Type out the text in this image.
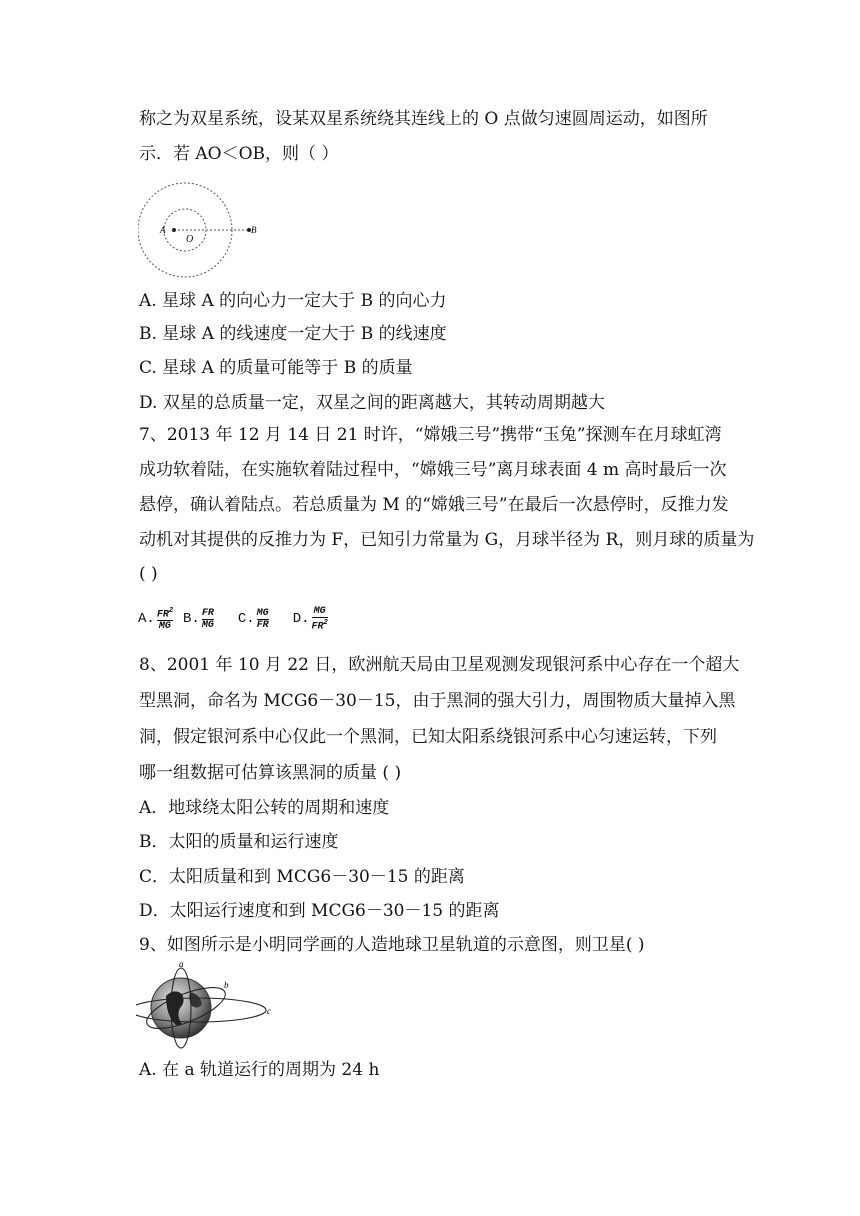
称之为双星系统，设某双星系统绕其连线上的 O 点做匀速圆周运动，如图所
示．若 AO＜OB，则（ ）
A
O
B
A. 星球 A 的向心力一定大于 B 的向心力
B. 星球 A 的线速度一定大于 B 的线速度
C. 星球 A 的质量可能等于 B 的质量
D. 双星的总质量一定，双星之间的距离越大，其转动周期越大
7、2013 年 12 月 14 日 21 时许，“嫦娥三号”携带“玉兔”探测车在月球虹湾
成功软着陆，在实施软着陆过程中，“嫦娥三号”离月球表面 4 m 高时最后一次
悬停，确认着陆点。若总质量为 M 的“嫦娥三号”在最后一次悬停时，反推力发
动机对其提供的反推力为 F，已知引力常量为 G，月球半径为 R，则月球的质量为
( )
A. $\frac{FR^2}{MG} B$. $\frac{FR}{MG} C$. $\frac{MG}{FR} D$. $\frac{MG}{FR^2}$
8、2001 年 10 月 22 日，欧洲航天局由卫星观测发现银河系中心存在一个超大
型黑洞，命名为 MCG6－30－15，由于黑洞的强大引力，周围物质大量掉入黑
洞，假定银河系中心仅此一个黑洞，已知太阳系绕银河系中心匀速运转，下列
哪一组数据可估算该黑洞的质量 ( )
A．地球绕太阳公转的周期和速度
B．太阳的质量和运行速度
C．太阳质量和到 MCG6－30－15 的距离
D．太阳运行速度和到 MCG6－30－15 的距离
9、如图所示是小明同学画的人造地球卫星轨道的示意图，则卫星( )
a
b
c
A. 在 a 轨道运行的周期为 24 h
